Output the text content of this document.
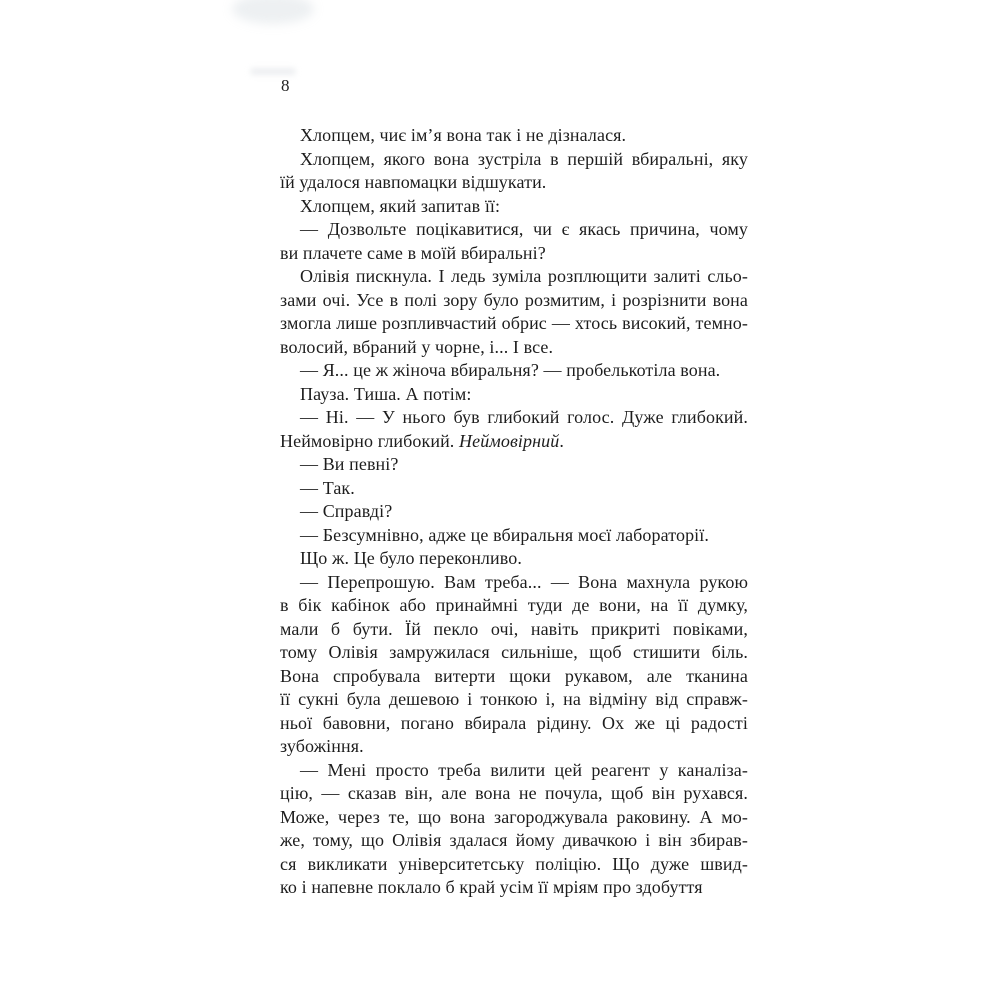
8
Хлопцем, чиє ім’я вона так і не дізналася.
Хлопцем, якого вона зустріла в першій вбиральні, яку
їй удалося навпомацки відшукати.
Хлопцем, який запитав її:
— Дозвольте поцікавитися, чи є якась причина, чому
ви плачете саме в моїй вбиральні?
Олівія пискнула. І ледь зуміла розплющити залиті сльо-
зами очі. Усе в полі зору було розмитим, і розрізнити вона
змогла лише розпливчастий обрис — хтось високий, темно-
волосий, вбраний у чорне, і... І все.
— Я... це ж жіноча вбиральня? — пробелькотіла вона.
Пауза. Тиша. А потім:
— Ні. — У нього був глибокий голос. Дуже глибокий.
Неймовірно глибокий. Неймовірний.
— Ви певні?
— Так.
— Справді?
— Безсумнівно, адже це вбиральня моєї лабораторії.
Що ж. Це було переконливо.
— Перепрошую. Вам треба... — Вона махнула рукою
в бік кабінок або принаймні туди де вони, на її думку,
мали б бути. Їй пекло очі, навіть прикриті повіками,
тому Олівія замружилася сильніше, щоб стишити біль.
Вона спробувала витерти щоки рукавом, але тканина
її сукні була дешевою і тонкою і, на відміну від справж-
ньої бавовни, погано вбирала рідину. Ох же ці радості
зубожіння.
— Мені просто треба вилити цей реагент у каналіза-
цію, — сказав він, але вона не почула, щоб він рухався.
Може, через те, що вона загороджувала раковину. А мо-
же, тому, що Олівія здалася йому дивачкою і він збирав-
ся викликати університетську поліцію. Що дуже швид-
ко і напевне поклало б край усім її мріям про здобуття
